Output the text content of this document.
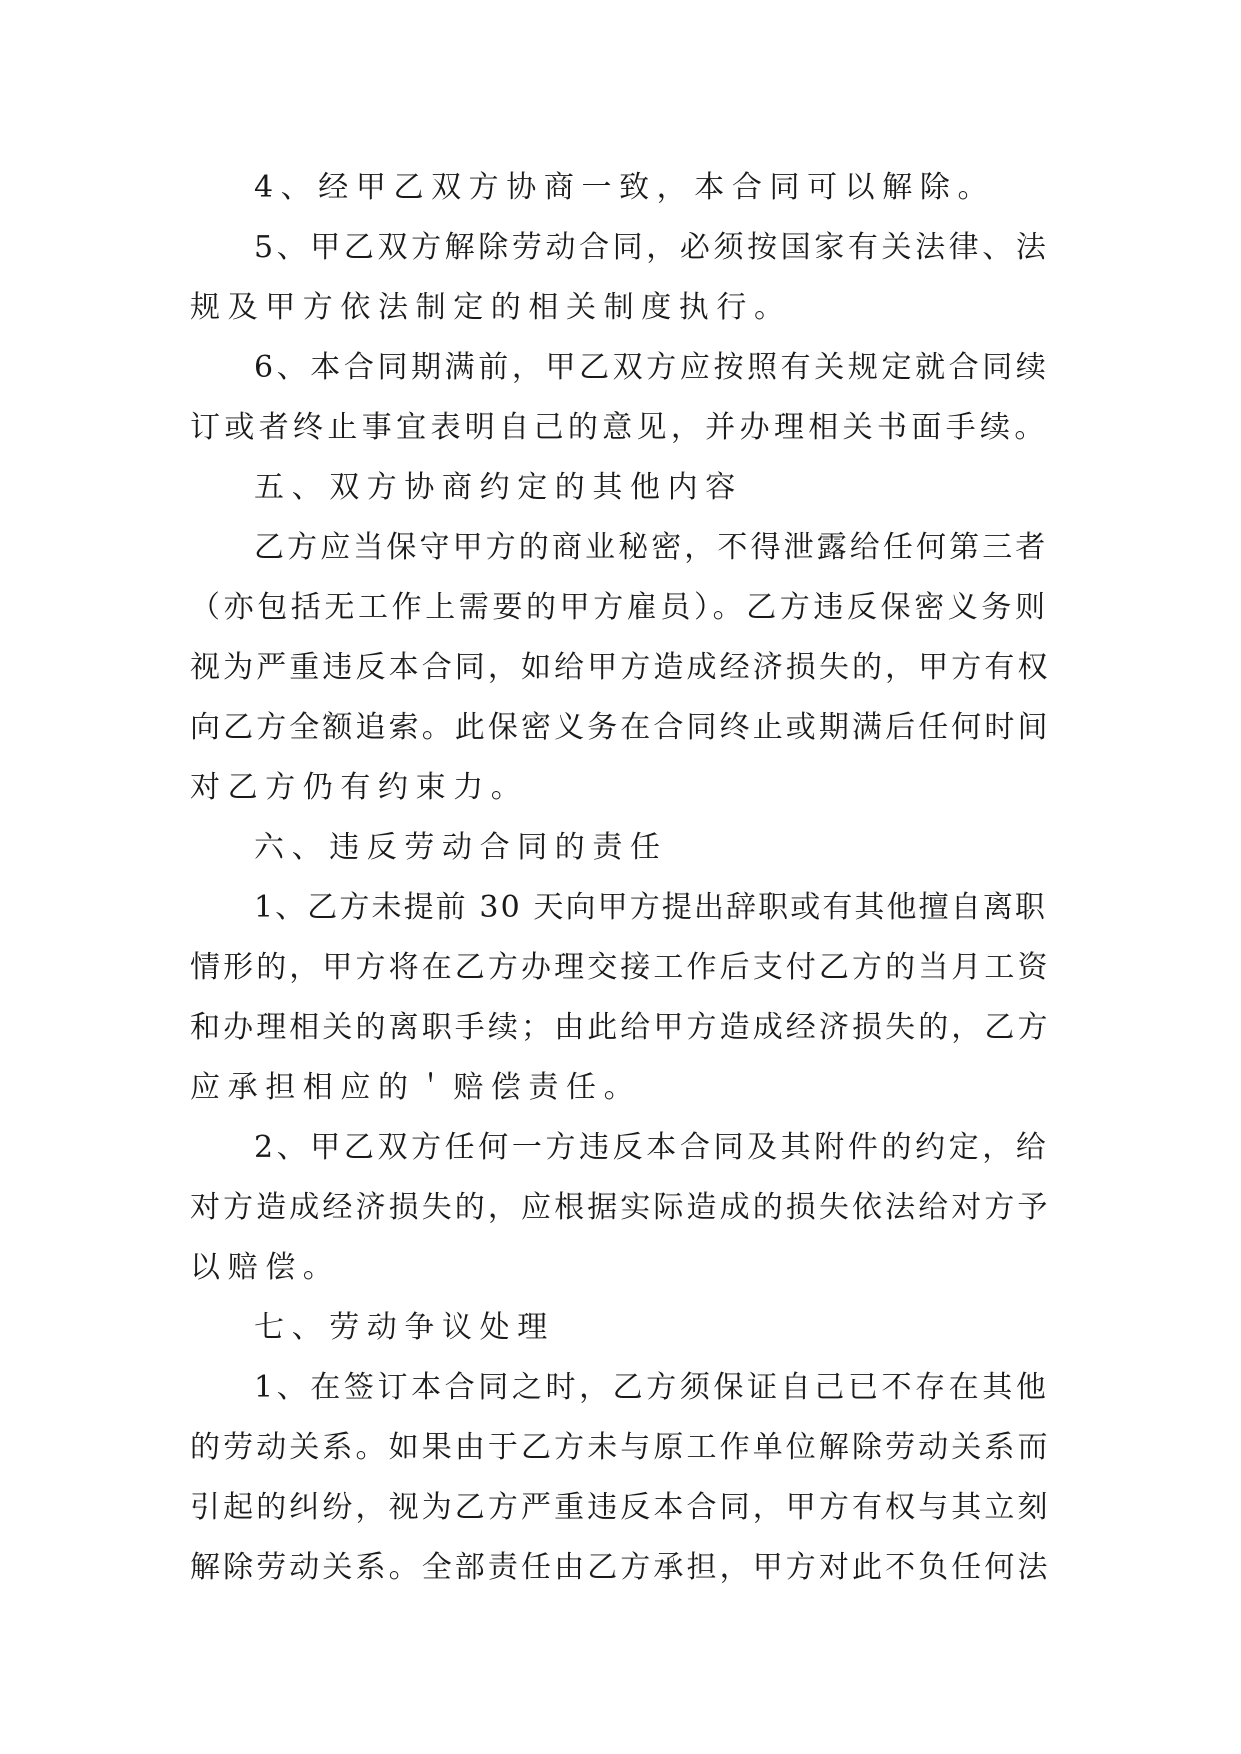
4、经甲乙双方协商一致，本合同可以解除。
5、甲乙双方解除劳动合同，必须按国家有关法律、法
规及甲方依法制定的相关制度执行。
6、本合同期满前，甲乙双方应按照有关规定就合同续
订或者终止事宜表明自己的意见，并办理相关书面手续。
五、双方协商约定的其他内容
乙方应当保守甲方的商业秘密，不得泄露给任何第三者
（亦包括无工作上需要的甲方雇员）。乙方违反保密义务则
视为严重违反本合同，如给甲方造成经济损失的，甲方有权
向乙方全额追索。此保密义务在合同终止或期满后任何时间
对乙方仍有约束力。
六、违反劳动合同的责任
1、乙方未提前 30 天向甲方提出辞职或有其他擅自离职
情形的，甲方将在乙方办理交接工作后支付乙方的当月工资
和办理相关的离职手续；由此给甲方造成经济损失的，乙方
应承担相应的＇赔偿责任。
2、甲乙双方任何一方违反本合同及其附件的约定，给
对方造成经济损失的，应根据实际造成的损失依法给对方予
以赔偿。
七、劳动争议处理
1、在签订本合同之时，乙方须保证自己已不存在其他
的劳动关系。如果由于乙方未与原工作单位解除劳动关系而
引起的纠纷，视为乙方严重违反本合同，甲方有权与其立刻
解除劳动关系。全部责任由乙方承担，甲方对此不负任何法
